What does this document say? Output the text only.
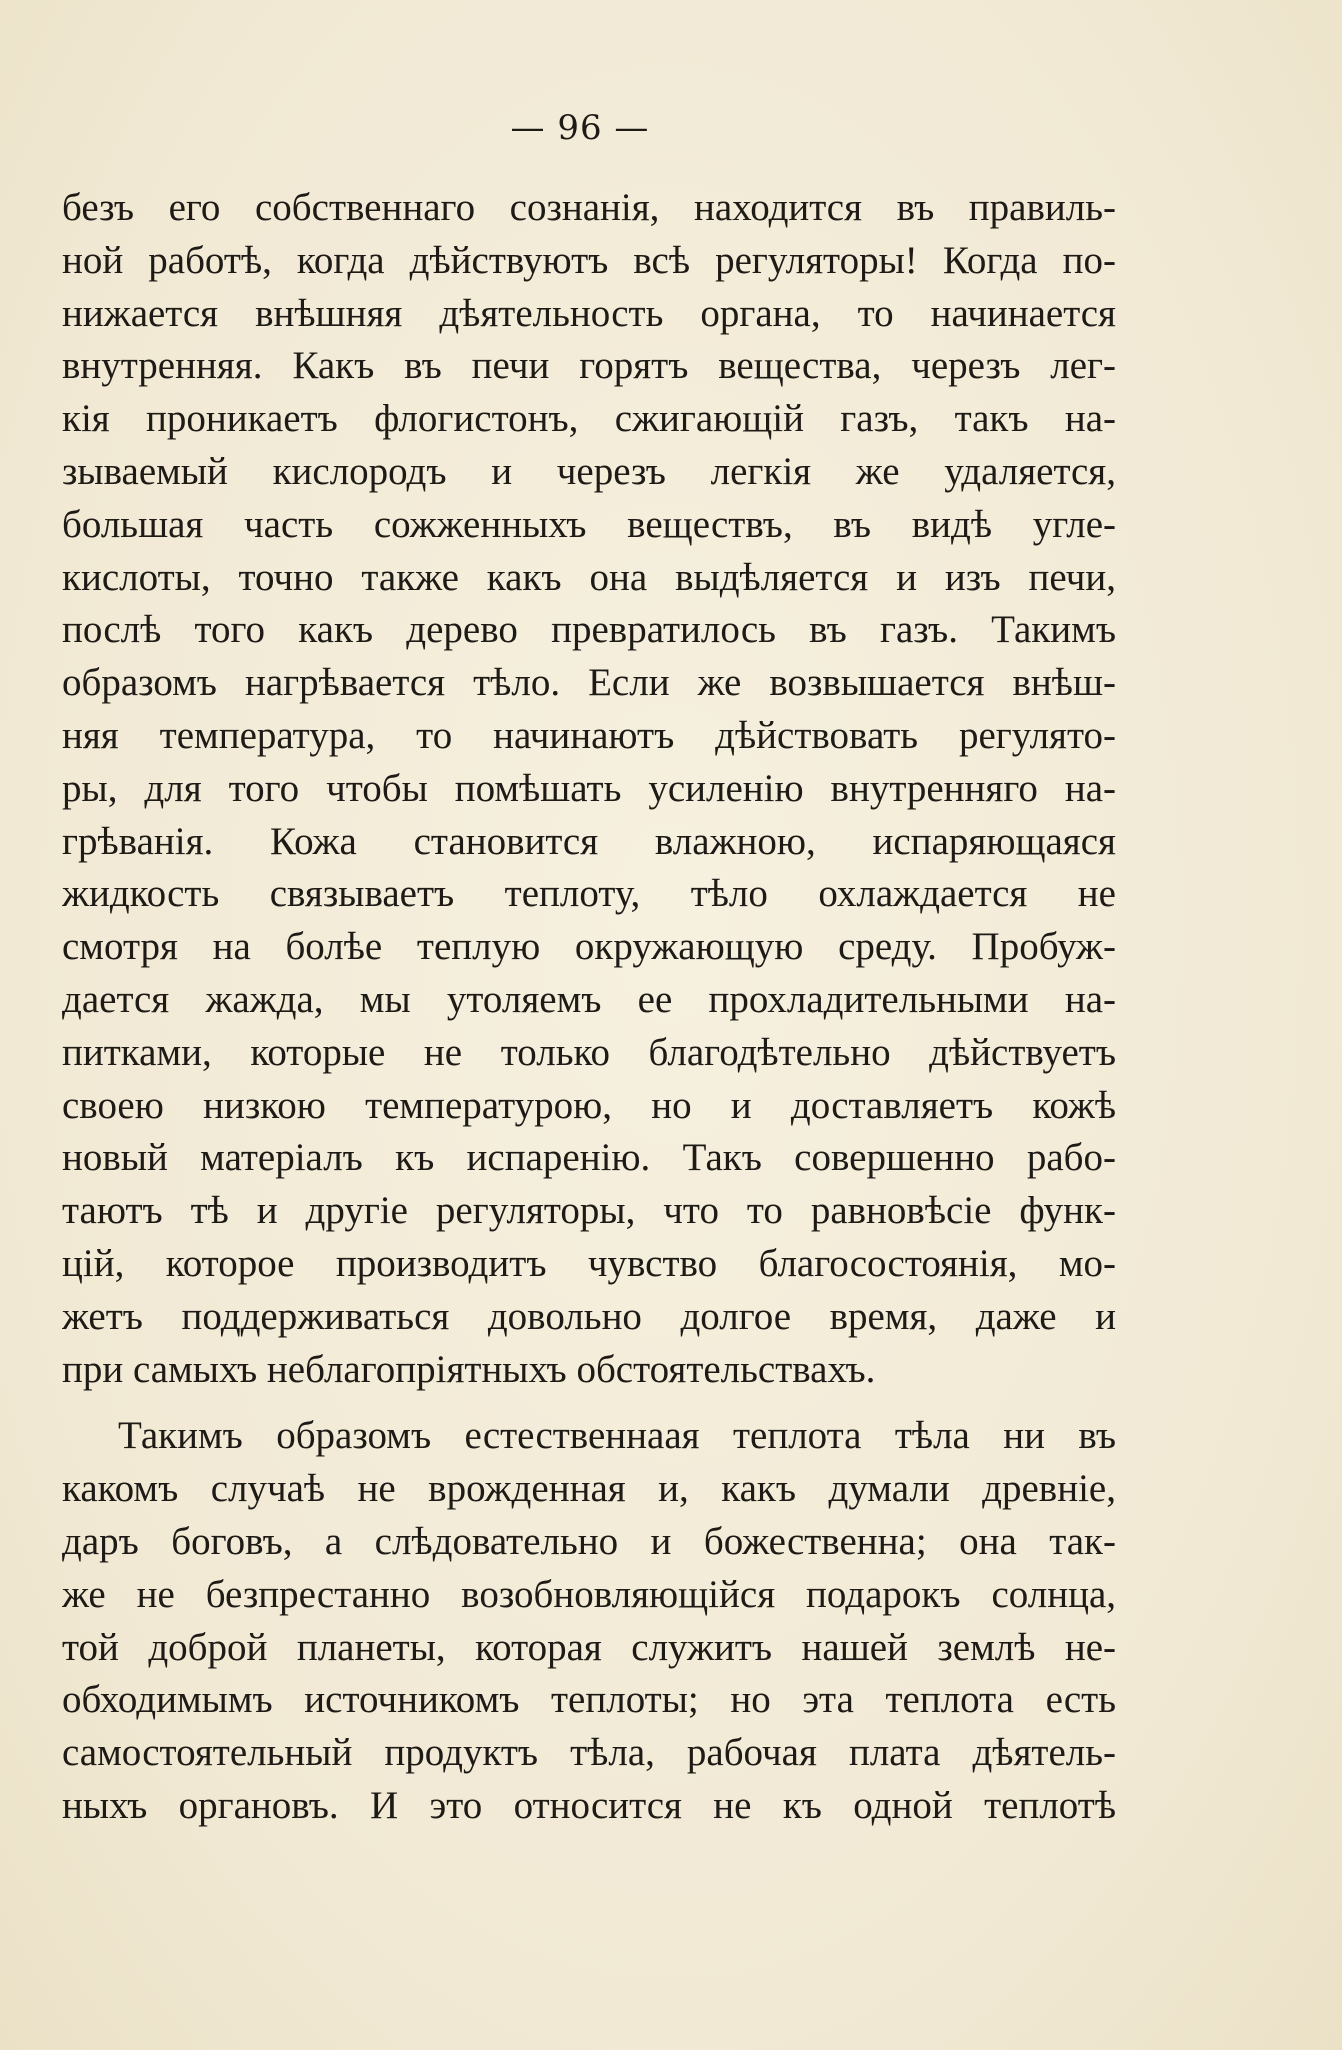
— 96 —
безъ его собственнаго сознанія, находится въ правиль-
ной работѣ, когда дѣйствуютъ всѣ регуляторы! Когда по-
нижается внѣшняя дѣятельность органа, то начинается
внутренняя. Какъ въ печи горятъ вещества, черезъ лег-
кія проникаетъ флогистонъ, сжигающій газъ, такъ на-
зываемый кислородъ и черезъ легкія же удаляется,
большая часть сожженныхъ веществъ, въ видѣ угле-
кислоты, точно также какъ она выдѣляется и изъ печи,
послѣ того какъ дерево превратилось въ газъ. Такимъ
образомъ нагрѣвается тѣло. Если же возвышается внѣш-
няя температура, то начинаютъ дѣйствовать регулято-
ры, для того чтобы помѣшать усиленію внутренняго на-
грѣванія. Кожа становится влажною, испаряющаяся
жидкость связываетъ теплоту, тѣло охлаждается не
смотря на болѣе теплую окружающую среду. Пробуж-
дается жажда, мы утоляемъ ее прохладительными на-
питками, которые не только благодѣтельно дѣйствуетъ
своею низкою температурою, но и доставляетъ кожѣ
новый матеріалъ къ испаренію. Такъ совершенно рабо-
таютъ тѣ и другіе регуляторы, что то равновѣсіе функ-
цій, которое производитъ чувство благосостоянія, мо-
жетъ поддерживаться довольно долгое время, даже и
при самыхъ неблагопріятныхъ обстоятельствахъ.
Такимъ образомъ естественнаая теплота тѣла ни въ
какомъ случаѣ не врожденная и, какъ думали древніе,
даръ боговъ, а слѣдовательно и божественна; она так-
же не безпрестанно возобновляющійся подарокъ солнца,
той доброй планеты, которая служитъ нашей землѣ не-
обходимымъ источникомъ теплоты; но эта теплота есть
самостоятельный продуктъ тѣла, рабочая плата дѣятель-
ныхъ органовъ. И это относится не къ одной теплотѣ
